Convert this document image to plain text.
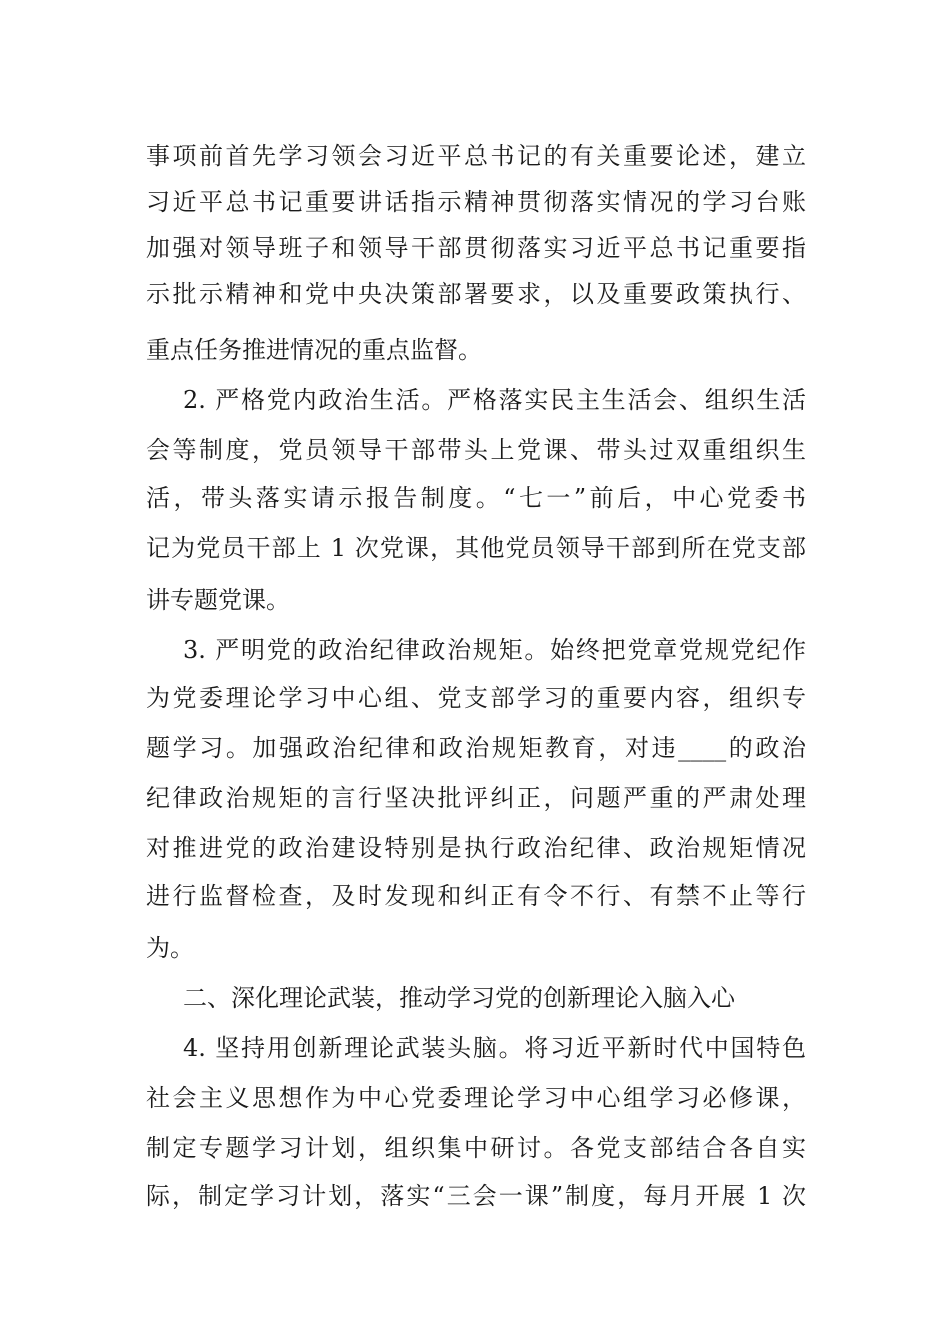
事项前首先学习领会习近平总书记的有关重要论述，建立
习近平总书记重要讲话指示精神贯彻落实情况的学习台账
加强对领导班子和领导干部贯彻落实习近平总书记重要指
示批示精神和党中央决策部署要求，以及重要政策执行、
重点任务推进情况的重点监督。
2. 严格党内政治生活。严格落实民主生活会、组织生活
会等制度，党员领导干部带头上党课、带头过双重组织生
活，带头落实请示报告制度。“七一”前后，中心党委书
记为党员干部上 1 次党课，其他党员领导干部到所在党支部
讲专题党课。
3. 严明党的政治纪律政治规矩。始终把党章党规党纪作
为党委理论学习中心组、党支部学习的重要内容，组织专
题学习。加强政治纪律和政治规矩教育，对违____的政治
纪律政治规矩的言行坚决批评纠正，问题严重的严肃处理
对推进党的政治建设特别是执行政治纪律、政治规矩情况
进行监督检查，及时发现和纠正有令不行、有禁不止等行
为。
二、深化理论武装，推动学习党的创新理论入脑入心
4. 坚持用创新理论武装头脑。将习近平新时代中国特色
社会主义思想作为中心党委理论学习中心组学习必修课，
制定专题学习计划，组织集中研讨。各党支部结合各自实
际，制定学习计划，落实“三会一课”制度，每月开展 1 次
